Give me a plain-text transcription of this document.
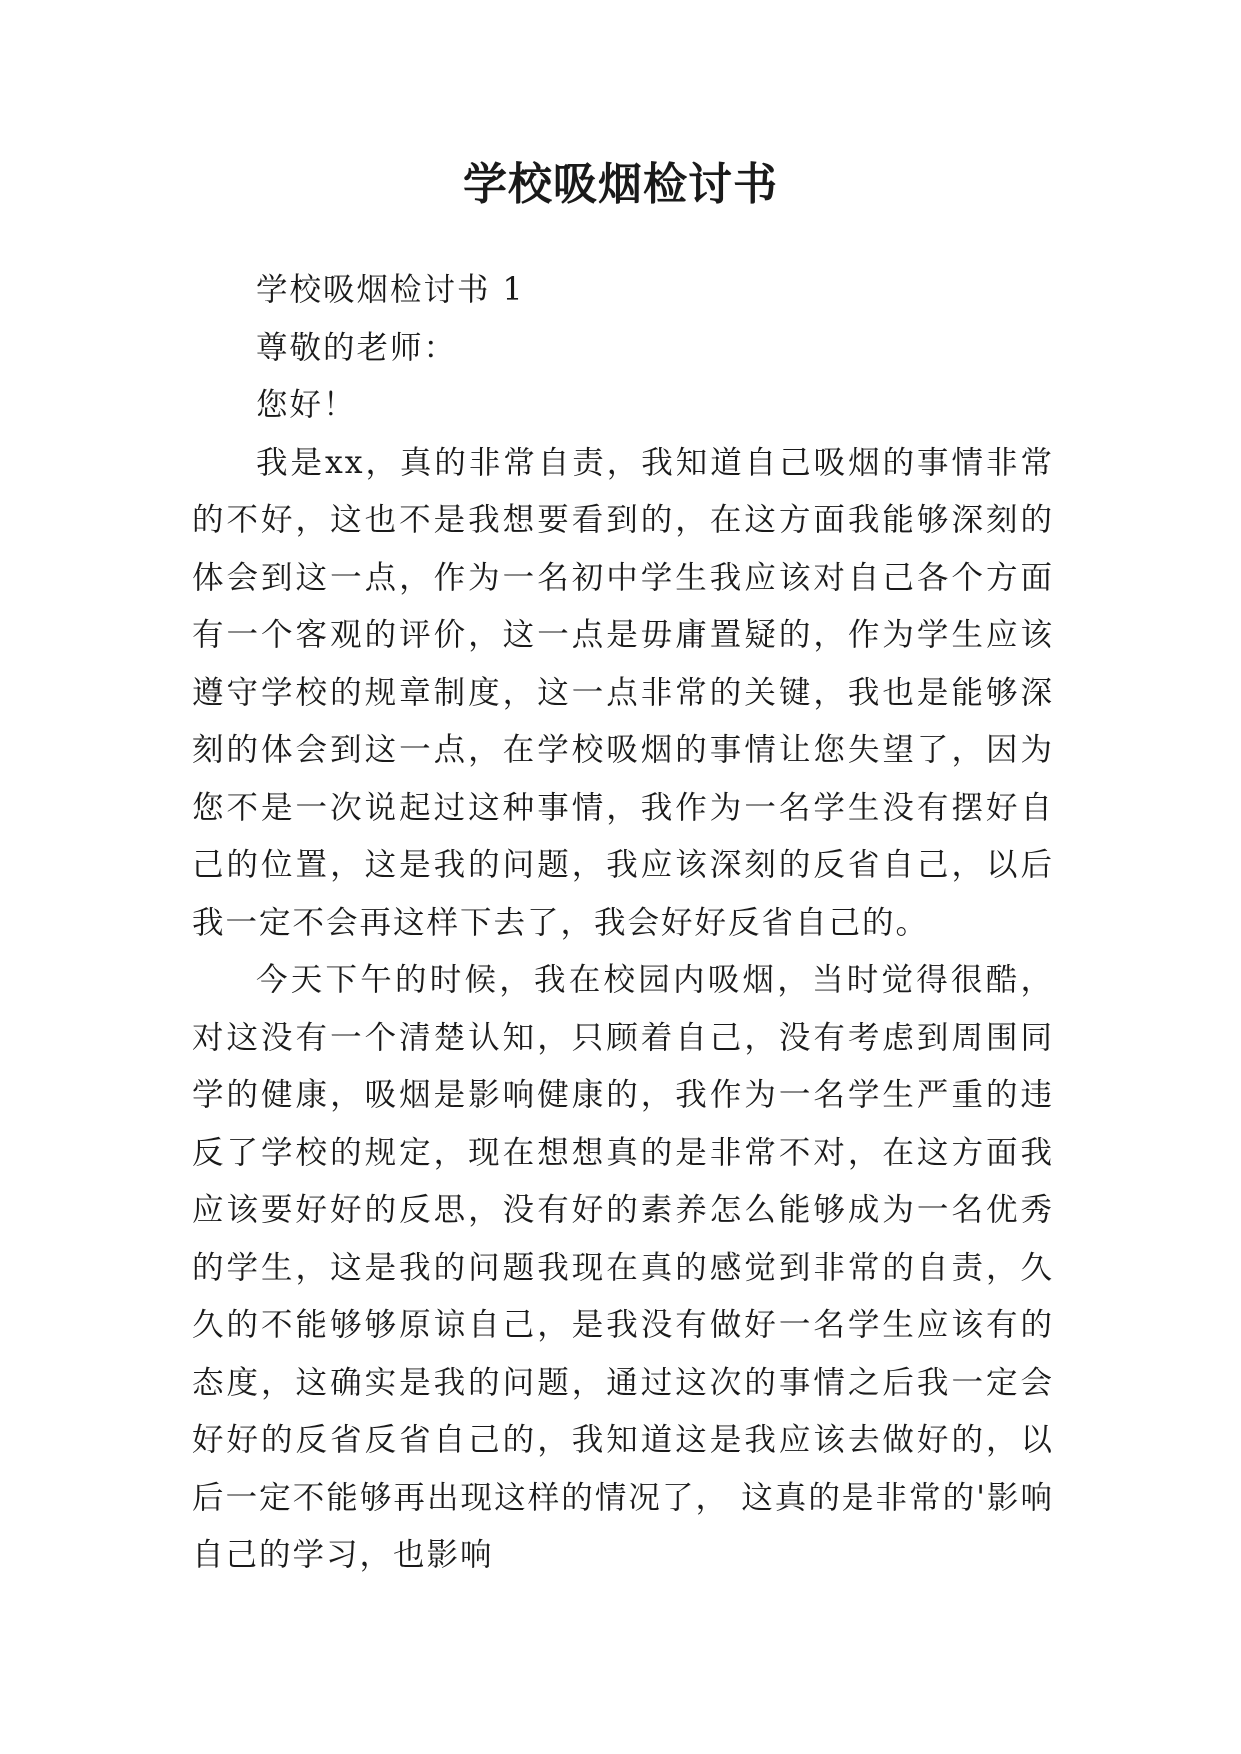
学校吸烟检讨书
学校吸烟检讨书 1
尊敬的老师：
您好！

我是xx，真的非常自责，我知道自己吸烟的事情非常的不好，这也不是我想要看到的，在这方面我能够深刻的体会到这一点，作为一名初中学生我应该对自己各个方面有一个客观的评价，这一点是毋庸置疑的，作为学生应该遵守学校的规章制度，这一点非常的关键，我也是能够深刻的体会到这一点，在学校吸烟的事情让您失望了，因为您不是一次说起过这种事情，我作为一名学生没有摆好自己的位置，这是我的问题，我应该深刻的反省自己，以后我一定不会再这样下去了，我会好好反省自己的。

今天下午的时候，我在校园内吸烟，当时觉得很酷，对这没有一个清楚认知，只顾着自己，没有考虑到周围同学的健康，吸烟是影响健康的，我作为一名学生严重的违反了学校的规定，现在想想真的是非常不对，在这方面我应该要好好的反思，没有好的素养怎么能够成为一名优秀的学生，这是我的问题我现在真的感觉到非常的自责，久久的不能够够原谅自己，是我没有做好一名学生应该有的态度，这确实是我的问题，通过这次的事情之后我一定会好好的反省反省自己的，我知道这是我应该去做好的，以后一定不能够再出现这样的情况了， 这真的是非常的'影响自己的学习，也影响
